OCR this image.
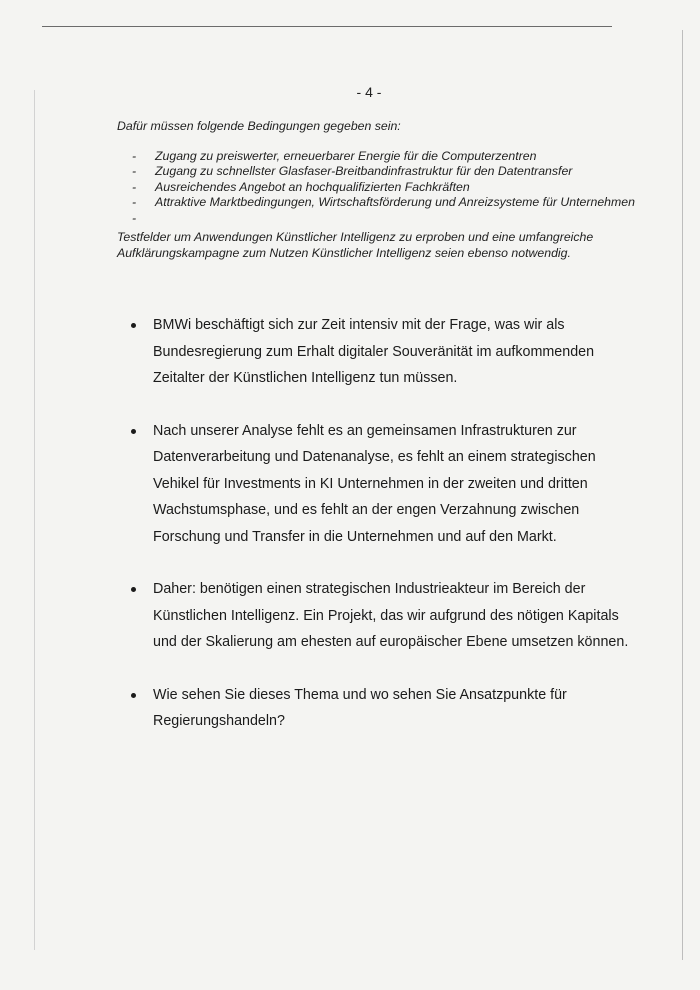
- 4 -

Dafür müssen folgende Bedingungen gegeben sein:

- Zugang zu preiswerter, erneuerbarer Energie für die Computerzentren
- Zugang zu schnellster Glasfaser-Breitbandinfrastruktur für den Datentransfer
- Ausreichendes Angebot an hochqualifizierten Fachkräften
- Attraktive Marktbedingungen, Wirtschaftsförderung und Anreizsysteme für Unternehmen
-

Testfelder um Anwendungen Künstlicher Intelligenz zu erproben und eine umfangreiche Aufklärungskampagne zum Nutzen Künstlicher Intelligenz seien ebenso notwendig.

BMWi beschäftigt sich zur Zeit intensiv mit der Frage, was wir als Bundesregierung zum Erhalt digitaler Souveränität im aufkommenden Zeitalter der Künstlichen Intelligenz tun müssen.
Nach unserer Analyse fehlt es an gemeinsamen Infrastrukturen zur Datenverarbeitung und Datenanalyse, es fehlt an einem strategischen Vehikel für Investments in KI Unternehmen in der zweiten und dritten Wachstumsphase, und es fehlt an der engen Verzahnung zwischen Forschung und Transfer in die Unternehmen und auf den Markt.
Daher: benötigen einen strategischen Industrieakteur im Bereich der Künstlichen Intelligenz. Ein Projekt, das wir aufgrund des nötigen Kapitals und der Skalierung am ehesten auf europäischer Ebene umsetzen können.
Wie sehen Sie dieses Thema und wo sehen Sie Ansatzpunkte für Regierungshandeln?
